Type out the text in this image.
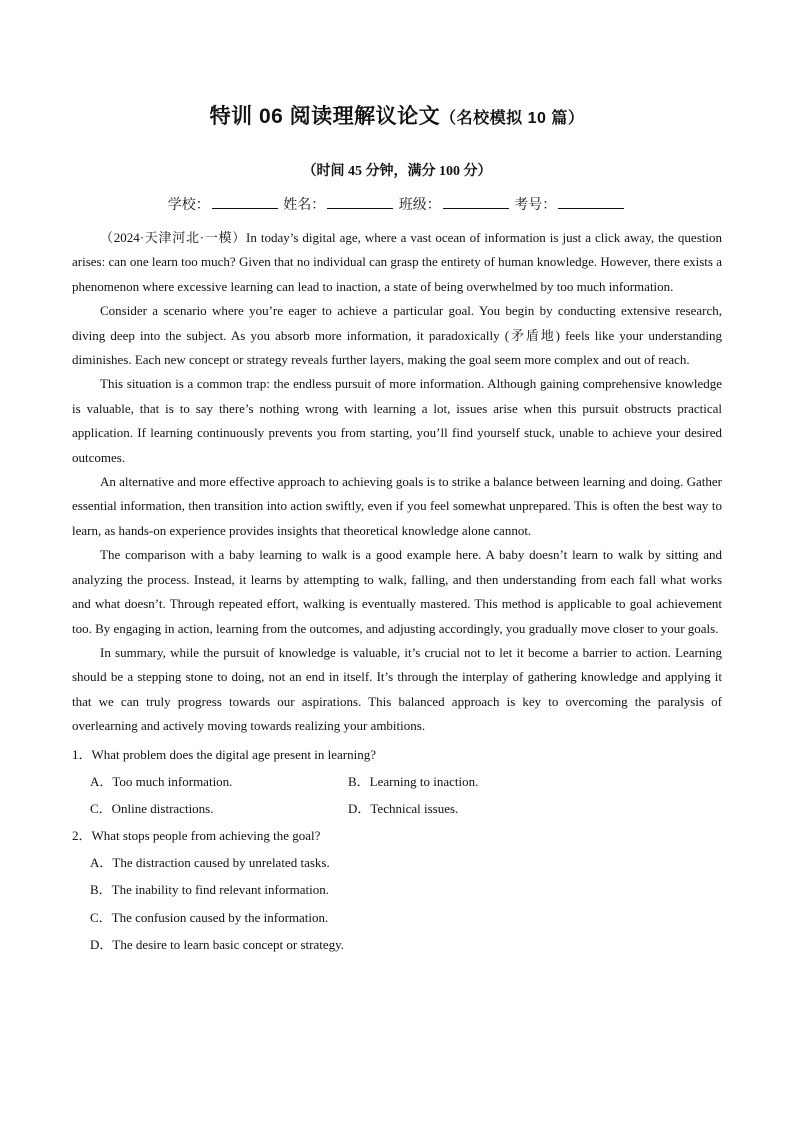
特训 06 阅读理解议论文（名校模拟 10 篇）
（时间 45 分钟，满分 100 分）
学校：	姓名：	班级：	考号：

（2024·天津河北·一模）In today’s digital age, where a vast ocean of information is just a click away, the question arises: can one learn too much? Given that no individual can grasp the entirety of human knowledge. However, there exists a phenomenon where excessive learning can lead to inaction, a state of being overwhelmed by too much information.

Consider a scenario where you’re eager to achieve a particular goal. You begin by conducting extensive research, diving deep into the subject. As you absorb more information, it paradoxically (矛盾地) feels like your understanding diminishes. Each new concept or strategy reveals further layers, making the goal seem more complex and out of reach.

This situation is a common trap: the endless pursuit of more information. Although gaining comprehensive knowledge is valuable, that is to say there’s nothing wrong with learning a lot, issues arise when this pursuit obstructs practical application. If learning continuously prevents you from starting, you’ll find yourself stuck, unable to achieve your desired outcomes.

An alternative and more effective approach to achieving goals is to strike a balance between learning and doing. Gather essential information, then transition into action swiftly, even if you feel somewhat unprepared. This is often the best way to learn, as hands-on experience provides insights that theoretical knowledge alone cannot.

The comparison with a baby learning to walk is a good example here. A baby doesn’t learn to walk by sitting and analyzing the process. Instead, it learns by attempting to walk, falling, and then understanding from each fall what works and what doesn’t. Through repeated effort, walking is eventually mastered. This method is applicable to goal achievement too. By engaging in action, learning from the outcomes, and adjusting accordingly, you gradually move closer to your goals.

In summary, while the pursuit of knowledge is valuable, it’s crucial not to let it become a barrier to action. Learning should be a stepping stone to doing, not an end in itself. It’s through the interplay of gathering knowledge and applying it that we can truly progress towards our aspirations. This balanced approach is key to overcoming the paralysis of overlearning and actively moving towards realizing your ambitions.

1．What problem does the digital age present in learning?

A．Too much information.	B．Learning to inaction.
C．Online distractions.	D．Technical issues.

2．What stops people from achieving the goal?

A．The distraction caused by unrelated tasks.
B．The inability to find relevant information.
C．The confusion caused by the information.
D．The desire to learn basic concept or strategy.
